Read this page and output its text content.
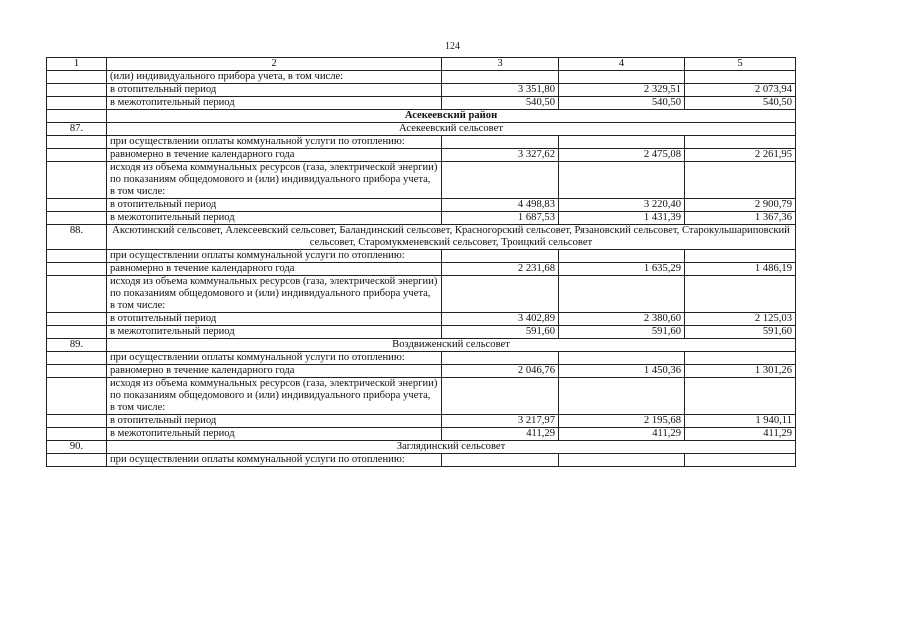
124
1	2	3	4	5
	(или) индивидуального прибора учета, в том числе:			
	в отопительный период	3 351,80	2 329,51	2 073,94
	в межотопительный период	540,50	540,50	540,50
	Асекеевский район			
87.	Асекеевский сельсовет			
	при осуществлении оплаты коммунальной услуги по отоплению:			
	равномерно в течение календарного года	3 327,62	2 475,08	2 261,95
	исходя из объема коммунальных ресурсов (газа, электрической энергии) по показаниям общедомового и (или) индивидуального прибора учета, в том числе:			
	в отопительный период	4 498,83	3 220,40	2 900,79
	в межотопительный период	1 687,53	1 431,39	1 367,36
88.	Аксютинский сельсовет, Алексеевский сельсовет, Баландинский сельсовет, Красногорский сельсовет, Рязановский сельсовет, Старокульшариповский сельсовет, Старомукменевский сельсовет, Троицкий сельсовет			
	при осуществлении оплаты коммунальной услуги по отоплению:			
	равномерно в течение календарного года	2 231,68	1 635,29	1 486,19
	исходя из объема коммунальных ресурсов (газа, электрической энергии) по показаниям общедомового и (или) индивидуального прибора учета, в том числе:			
	в отопительный период	3 402,89	2 380,60	2 125,03
	в межотопительный период	591,60	591,60	591,60
89.	Воздвиженский сельсовет			
	при осуществлении оплаты коммунальной услуги по отоплению:			
	равномерно в течение календарного года	2 046,76	1 450,36	1 301,26
	исходя из объема коммунальных ресурсов (газа, электрической энергии) по показаниям общедомового и (или) индивидуального прибора учета, в том числе:			
	в отопительный период	3 217,97	2 195,68	1 940,11
	в межотопительный период	411,29	411,29	411,29
90.	Заглядинский сельсовет			
	при осуществлении оплаты коммунальной услуги по отоплению:			
